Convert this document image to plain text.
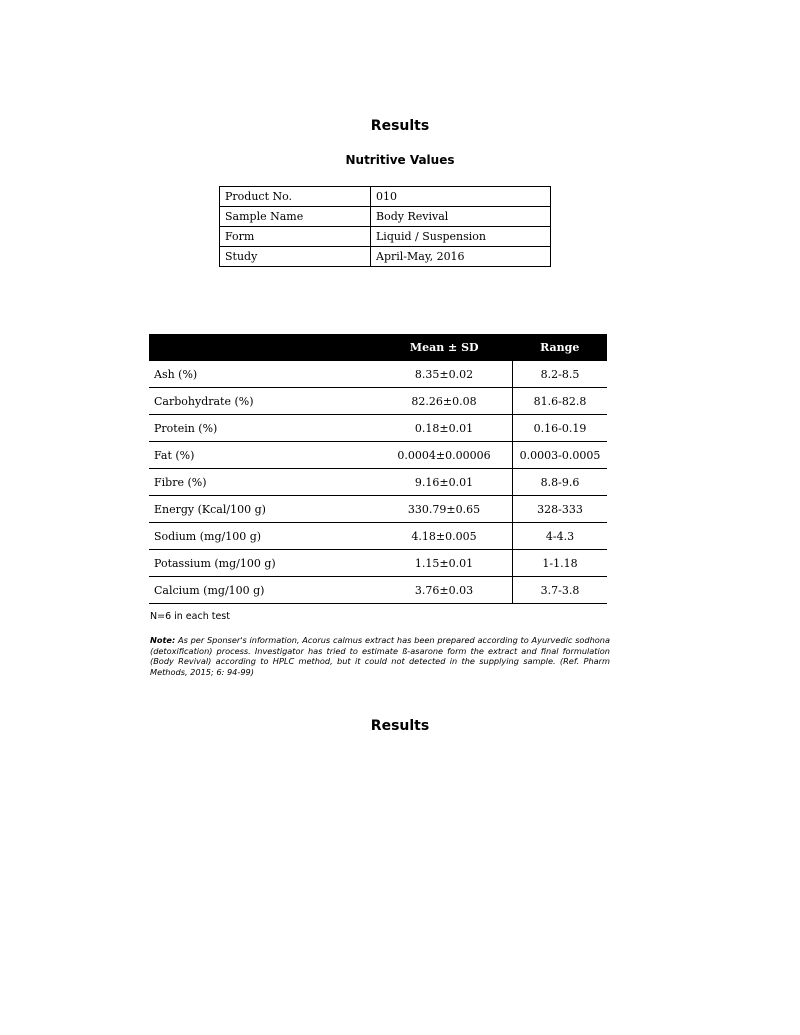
Results
Nutritive Values
Product No.	010
Sample Name	Body Revival
Form	Liquid / Suspension
Study	April-May, 2016
	Mean ± SD	Range
Ash (%)	8.35±0.02	8.2-8.5
Carbohydrate (%)	82.26±0.08	81.6-82.8
Protein (%)	0.18±0.01	0.16-0.19
Fat (%)	0.0004±0.00006	0.0003-0.0005
Fibre (%)	9.16±0.01	8.8-9.6
Energy (Kcal/100 g)	330.79±0.65	328-333
Sodium (mg/100 g)	4.18±0.005	4-4.3
Potassium (mg/100 g)	1.15±0.01	1-1.18
Calcium (mg/100 g)	3.76±0.03	3.7-3.8
N=6 in each test
Note: As per Sponser's information, Acorus calmus extract has been prepared according to Ayurvedic sodhona (detoxification) process. Investigator has tried to estimate ß-asarone form the extract and final formulation (Body Revival) according to HPLC method, but it could not detected in the supplying sample. (Ref. Pharm Methods, 2015; 6: 94-99)
Results
